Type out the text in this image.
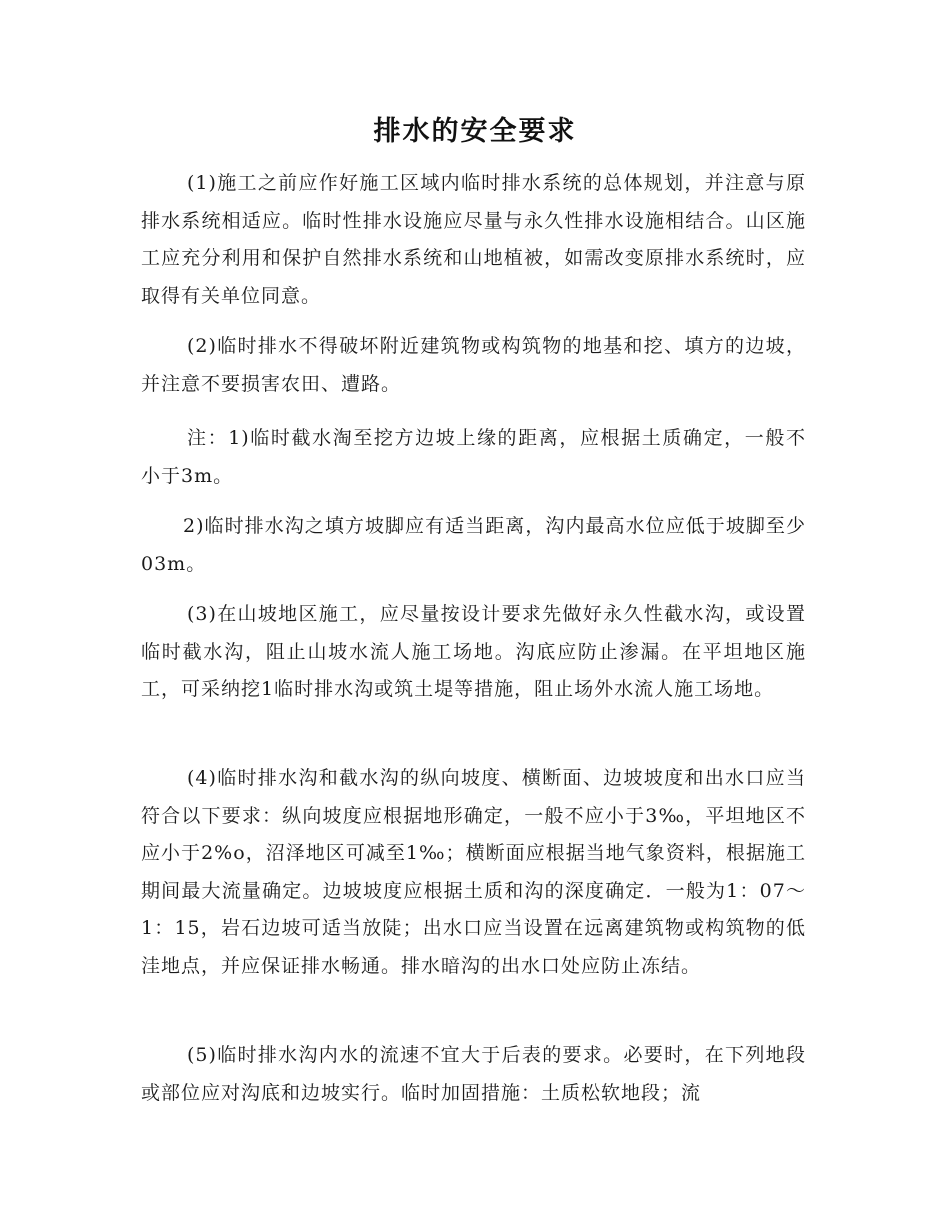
排水的安全要求

(1)施工之前应作好施工区域内临时排水系统的总体规划，并注意与原排水系统相适应。临时性排水设施应尽量与永久性排水设施相结合。山区施工应充分利用和保护自然排水系统和山地植被，如需改变原排水系统时，应取得有关单位同意。

(2)临时排水不得破坏附近建筑物或构筑物的地基和挖、填方的边坡，并注意不要损害农田、遭路。

注：1)临时截水淘至挖方边坡上缘的距离，应根据土质确定，一般不小于3m。

2)临时排水沟之填方坡脚应有适当距离，沟内最高水位应低于坡脚至少03m。

(3)在山坡地区施工，应尽量按设计要求先做好永久性截水沟，或设置临时截水沟，阻止山坡水流人施工场地。沟底应防止渗漏。在平坦地区施工，可采纳挖1临时排水沟或筑土堤等措施，阻止场外水流人施工场地。

(4)临时排水沟和截水沟的纵向坡度、横断面、边坡坡度和出水口应当符合以下要求：纵向坡度应根据地形确定，一般不应小于3‰，平坦地区不应小于2%o，沼泽地区可减至1‰；横断面应根据当地气象资料，根据施工期间最大流量确定。边坡坡度应根据土质和沟的深度确定．一般为1：07～1：15，岩石边坡可适当放陡；出水口应当设置在远离建筑物或构筑物的低洼地点，并应保证排水畅通。排水暗沟的出水口处应防止冻结。

(5)临时排水沟内水的流速不宜大于后表的要求。必要时，在下列地段或部位应对沟底和边坡实行。临时加固措施：土质松软地段；流
